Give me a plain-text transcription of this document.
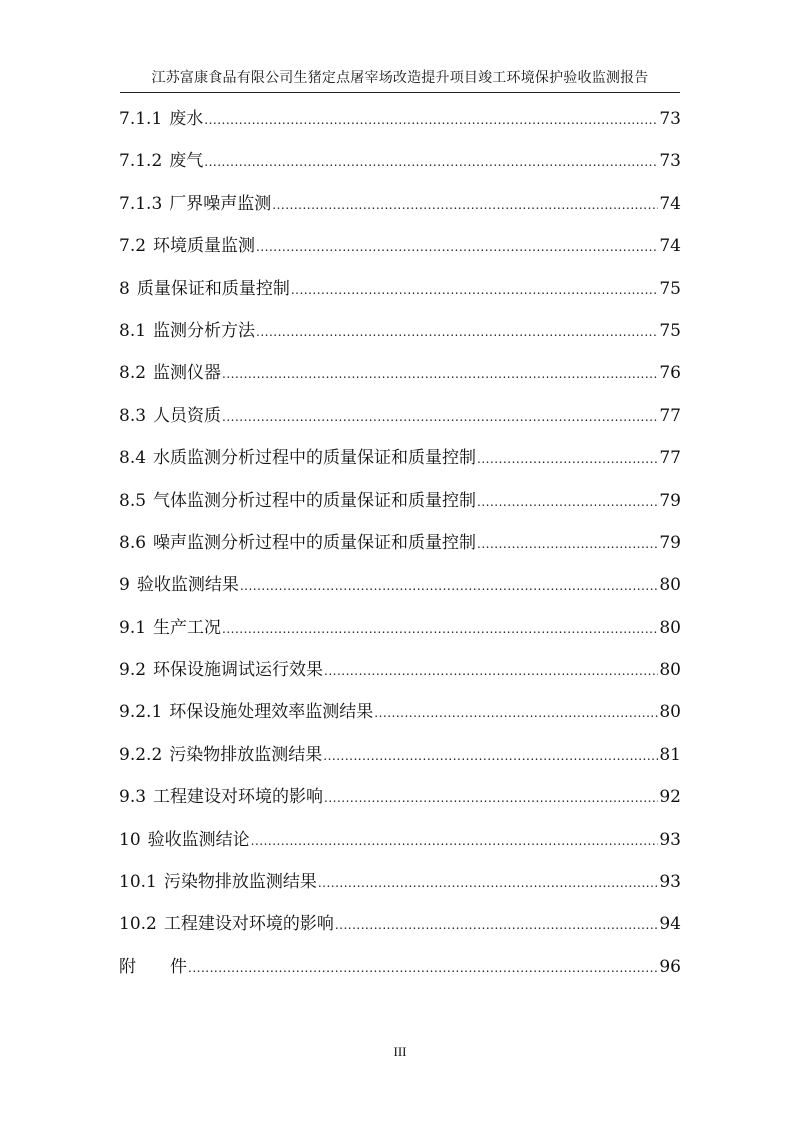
江苏富康食品有限公司生猪定点屠宰场改造提升项目竣工环境保护验收监测报告
7.1.1 废水 .....	73
7.1.2 废气 .....	73
7.1.3 厂界噪声监测 .....	74
7.2 环境质量监测 .....	74
8 质量保证和质量控制 .....	75
8.1 监测分析方法 .....	75
8.2 监测仪器 .....	76
8.3 人员资质 .....	77
8.4 水质监测分析过程中的质量保证和质量控制 .....	77
8.5 气体监测分析过程中的质量保证和质量控制 .....	79
8.6 噪声监测分析过程中的质量保证和质量控制 .....	79
9 验收监测结果 .....	80
9.1 生产工况 .....	80
9.2 环保设施调试运行效果 .....	80
9.2.1 环保设施处理效率监测结果 .....	80
9.2.2 污染物排放监测结果 .....	81
9.3 工程建设对环境的影响 .....	92
10 验收监测结论 .....	93
10.1 污染物排放监测结果 .....	93
10.2 工程建设对环境的影响 .....	94
附 件 .....	96
III
